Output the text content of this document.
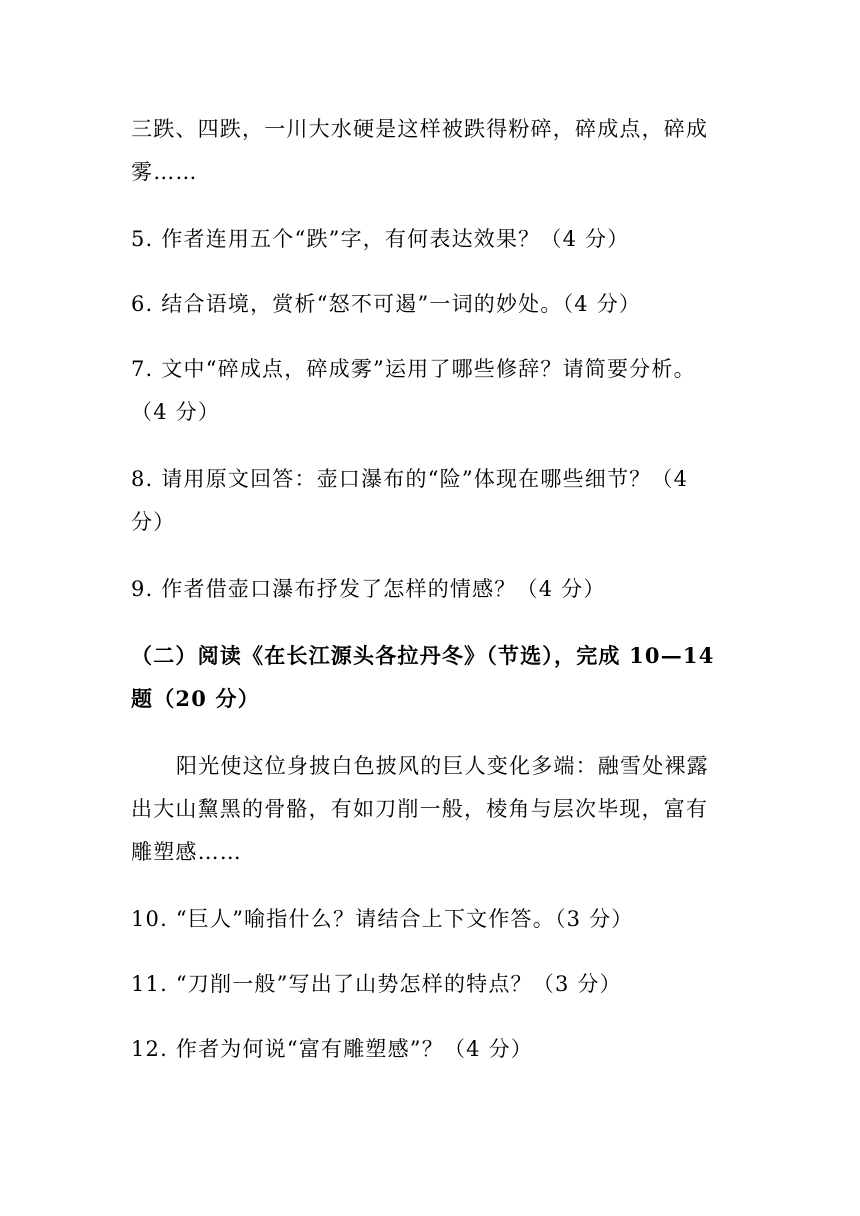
三跌、四跌，一川大水硬是这样被跌得粉碎，碎成点，碎成
雾……
5. 作者连用五个“跌”字，有何表达效果？（4 分）
6. 结合语境，赏析“怒不可遏”一词的妙处。（4 分）
7. 文中“碎成点，碎成雾”运用了哪些修辞？请简要分析。
（4 分）
8. 请用原文回答：壶口瀑布的“险”体现在哪些细节？（4
分）
9. 作者借壶口瀑布抒发了怎样的情感？（4 分）
（二）阅读《在长江源头各拉丹冬》（节选），完成 10—14
题（20 分）
阳光使这位身披白色披风的巨人变化多端：融雪处裸露
出大山黧黑的骨骼，有如刀削一般，棱角与层次毕现，富有
雕塑感……
10. “巨人”喻指什么？请结合上下文作答。（3 分）
11. “刀削一般”写出了山势怎样的特点？（3 分）
12. 作者为何说“富有雕塑感”？（4 分）
